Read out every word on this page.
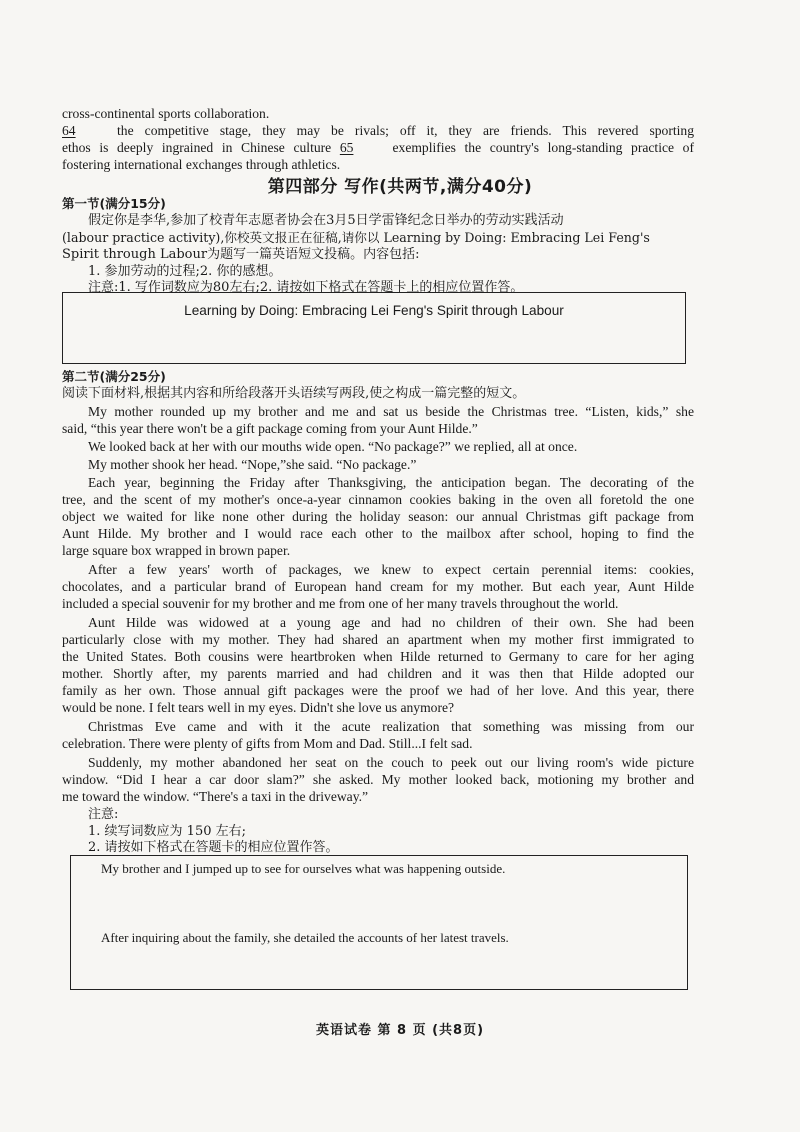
cross-continental sports collaboration.
64	the competitive stage, they may be rivals; off it, they are friends. This revered sporting
ethos is deeply ingrained in Chinese culture 65	exemplifies the country's long-standing practice of
fostering international exchanges through athletics.
第四部分 写作(共两节,满分40分)
第一节(满分15分)
假定你是李华,参加了校青年志愿者协会在3月5日学雷锋纪念日举办的劳动实践活动
(labour practice activity),你校英文报正在征稿,请你以 Learning by Doing: Embracing Lei Feng's
Spirit through Labour为题写一篇英语短文投稿。内容包括:
1. 参加劳动的过程;2. 你的感想。
注意:1. 写作词数应为80左右;2. 请按如下格式在答题卡上的相应位置作答。
Learning by Doing: Embracing Lei Feng's Spirit through Labour
第二节(满分25分)
阅读下面材料,根据其内容和所给段落开头语续写两段,使之构成一篇完整的短文。
My mother rounded up my brother and me and sat us beside the Christmas tree. “Listen, kids,” she
said, “this year there won't be a gift package coming from your Aunt Hilde.”
We looked back at her with our mouths wide open. “No package?” we replied, all at once.
My mother shook her head. “Nope,”she said. “No package.”
Each year, beginning the Friday after Thanksgiving, the anticipation began. The decorating of the
tree, and the scent of my mother's once-a-year cinnamon cookies baking in the oven all foretold the one
object we waited for like none other during the holiday season: our annual Christmas gift package from
Aunt Hilde. My brother and I would race each other to the mailbox after school, hoping to find the
large square box wrapped in brown paper.
After a few years' worth of packages, we knew to expect certain perennial items: cookies,
chocolates, and a particular brand of European hand cream for my mother. But each year, Aunt Hilde
included a special souvenir for my brother and me from one of her many travels throughout the world.
Aunt Hilde was widowed at a young age and had no children of their own. She had been
particularly close with my mother. They had shared an apartment when my mother first immigrated to
the United States. Both cousins were heartbroken when Hilde returned to Germany to care for her aging
mother. Shortly after, my parents married and had children and it was then that Hilde adopted our
family as her own. Those annual gift packages were the proof we had of her love. And this year, there
would be none. I felt tears well in my eyes. Didn't she love us anymore?
Christmas Eve came and with it the acute realization that something was missing from our
celebration. There were plenty of gifts from Mom and Dad. Still...I felt sad.
Suddenly, my mother abandoned her seat on the couch to peek out our living room's wide picture
window. “Did I hear a car door slam?” she asked. My mother looked back, motioning my brother and
me toward the window. “There's a taxi in the driveway.”
注意:
1. 续写词数应为 150 左右;
2. 请按如下格式在答题卡的相应位置作答。
My brother and I jumped up to see for ourselves what was happening outside.
After inquiring about the family, she detailed the accounts of her latest travels.
英语试卷 第 8 页 (共8页)
